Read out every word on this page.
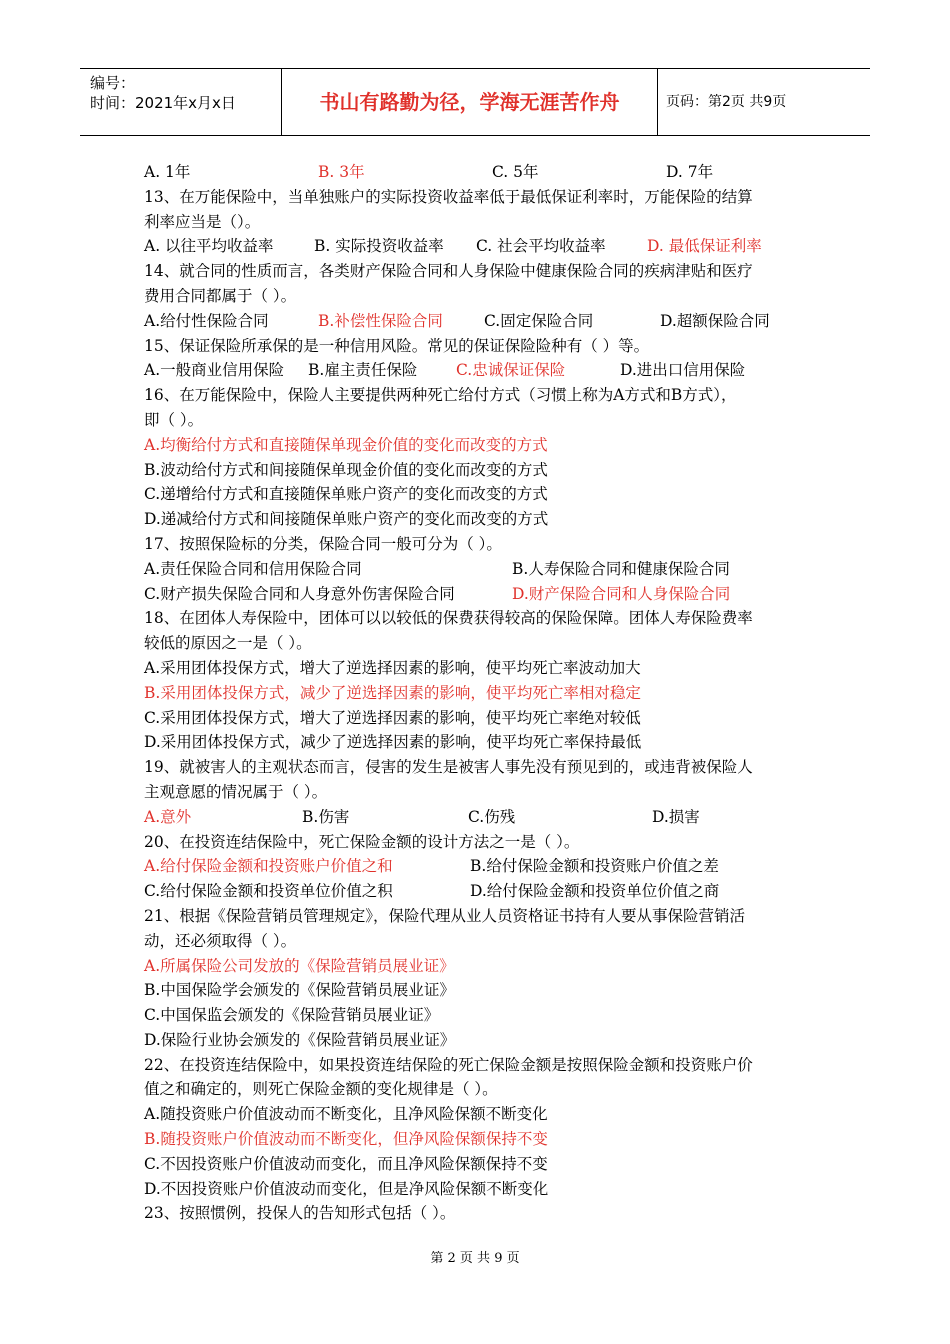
编号：
时间：2021年x月x日	书山有路勤为径，学海无涯苦作舟	页码：第2页 共9页
A. 1年	B. 3年	C. 5年	D. 7年
13、在万能保险中，当单独账户的实际投资收益率低于最低保证利率时，万能保险的结算
利率应当是（）。
A. 以往平均收益率	B. 实际投资收益率 C. 社会平均收益率	D. 最低保证利率
14、就合同的性质而言，各类财产保险合同和人身保险中健康保险合同的疾病津贴和医疗
费用合同都属于（ ）。
A.给付性保险合同	B.补偿性保险合同	C.固定保险合同	D.超额保险合同
15、保证保险所承保的是一种信用风险。常见的保证保险险种有（ ）等。
A.一般商业信用保险 B.雇主责任保险 C.忠诚保证保险	D.进出口信用保险
16、在万能保险中，保险人主要提供两种死亡给付方式（习惯上称为A方式和B方式），
即（ ）。
A.均衡给付方式和直接随保单现金价值的变化而改变的方式
B.波动给付方式和间接随保单现金价值的变化而改变的方式
C.递增给付方式和直接随保单账户资产的变化而改变的方式
D.递减给付方式和间接随保单账户资产的变化而改变的方式
17、按照保险标的分类，保险合同一般可分为（ ）。
A.责任保险合同和信用保险合同	B.人寿保险合同和健康保险合同
C.财产损失保险合同和人身意外伤害保险合同	D.财产保险合同和人身保险合同
18、在团体人寿保险中，团体可以以较低的保费获得较高的保险保障。团体人寿保险费率
较低的原因之一是（ ）。
A.采用团体投保方式，增大了逆选择因素的影响，使平均死亡率波动加大
B.采用团体投保方式，减少了逆选择因素的影响，使平均死亡率相对稳定
C.采用团体投保方式，增大了逆选择因素的影响，使平均死亡率绝对较低
D.采用团体投保方式，减少了逆选择因素的影响，使平均死亡率保持最低
19、就被害人的主观状态而言，侵害的发生是被害人事先没有预见到的，或违背被保险人
主观意愿的情况属于（ ）。
A.意外	B.伤害	C.伤残	D.损害
20、在投资连结保险中，死亡保险金额的设计方法之一是（ ）。
A.给付保险金额和投资账户价值之和	B.给付保险金额和投资账户价值之差
C.给付保险金额和投资单位价值之积	D.给付保险金额和投资单位价值之商
21、根据《保险营销员管理规定》，保险代理从业人员资格证书持有人要从事保险营销活
动，还必须取得（ ）。
A.所属保险公司发放的《保险营销员展业证》
B.中国保险学会颁发的《保险营销员展业证》
C.中国保监会颁发的《保险营销员展业证》
D.保险行业协会颁发的《保险营销员展业证》
22、在投资连结保险中，如果投资连结保险的死亡保险金额是按照保险金额和投资账户价
值之和确定的，则死亡保险金额的变化规律是（ ）。
A.随投资账户价值波动而不断变化，且净风险保额不断变化
B.随投资账户价值波动而不断变化，但净风险保额保持不变
C.不因投资账户价值波动而变化，而且净风险保额保持不变
D.不因投资账户价值波动而变化，但是净风险保额不断变化
23、按照惯例，投保人的告知形式包括（ ）。
第 2 页 共 9 页
